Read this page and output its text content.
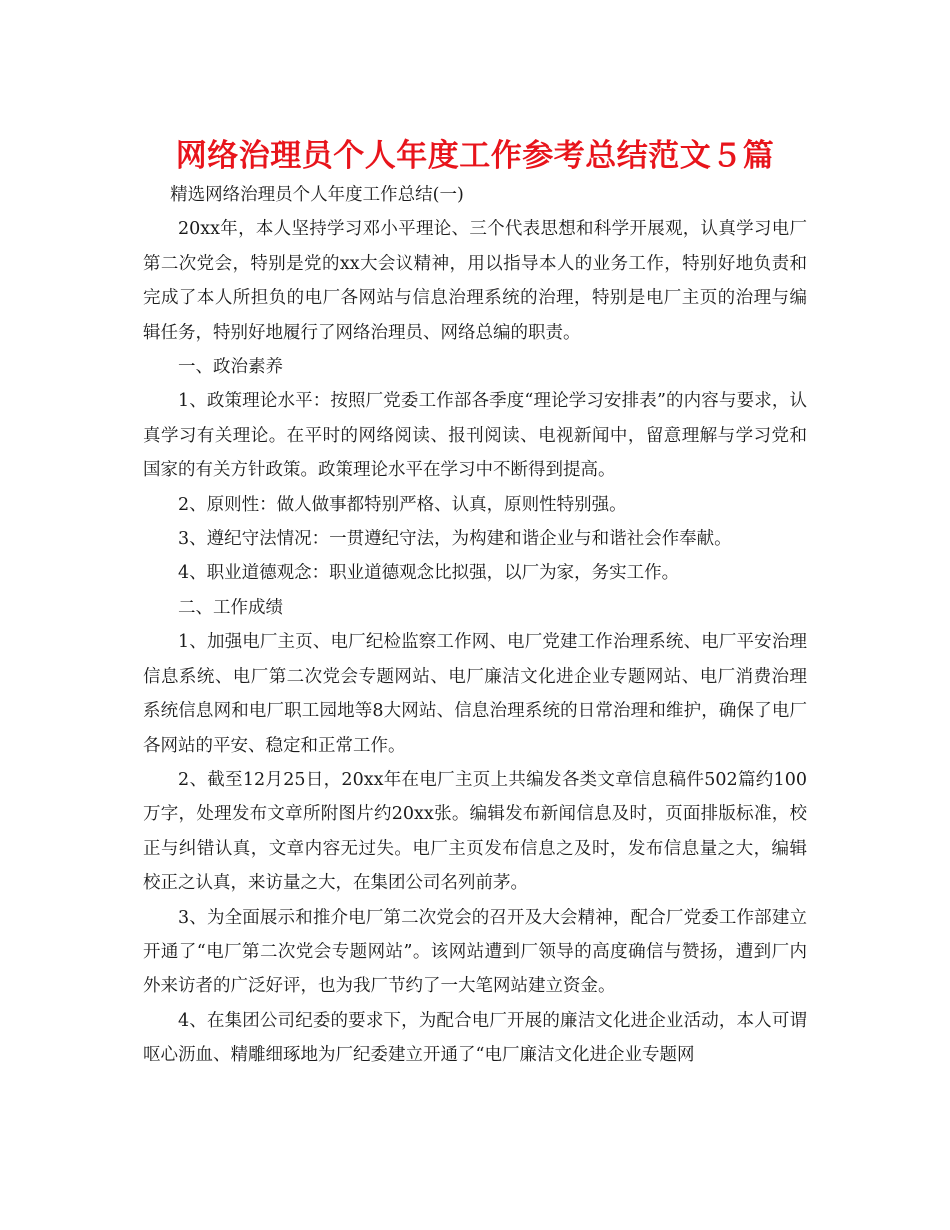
网络治理员个人年度工作参考总结范文５篇

精选网络治理员个人年度工作总结(一)

20xx年，本人坚持学习邓小平理论、三个代表思想和科学开展观，认真学习电厂第二次党会，特别是党的xx大会议精神，用以指导本人的业务工作，特别好地负责和完成了本人所担负的电厂各网站与信息治理系统的治理，特别是电厂主页的治理与编辑任务，特别好地履行了网络治理员、网络总编的职责。

一、政治素养

1、政策理论水平：按照厂党委工作部各季度“理论学习安排表”的内容与要求，认真学习有关理论。在平时的网络阅读、报刊阅读、电视新闻中，留意理解与学习党和国家的有关方针政策。政策理论水平在学习中不断得到提高。

2、原则性：做人做事都特别严格、认真，原则性特别强。

3、遵纪守法情况：一贯遵纪守法，为构建和谐企业与和谐社会作奉献。

4、职业道德观念：职业道德观念比拟强，以厂为家，务实工作。

二、工作成绩

1、加强电厂主页、电厂纪检监察工作网、电厂党建工作治理系统、电厂平安治理信息系统、电厂第二次党会专题网站、电厂廉洁文化进企业专题网站、电厂消费治理系统信息网和电厂职工园地等8大网站、信息治理系统的日常治理和维护，确保了电厂各网站的平安、稳定和正常工作。

2、截至12月25日，20xx年在电厂主页上共编发各类文章信息稿件502篇约100万字，处理发布文章所附图片约20xx张。编辑发布新闻信息及时，页面排版标准，校正与纠错认真，文章内容无过失。电厂主页发布信息之及时，发布信息量之大，编辑校正之认真，来访量之大，在集团公司名列前茅。

3、为全面展示和推介电厂第二次党会的召开及大会精神，配合厂党委工作部建立开通了“电厂第二次党会专题网站”。该网站遭到厂领导的高度确信与赞扬，遭到厂内外来访者的广泛好评，也为我厂节约了一大笔网站建立资金。

4、在集团公司纪委的要求下，为配合电厂开展的廉洁文化进企业活动，本人可谓呕心沥血、精雕细琢地为厂纪委建立开通了“电厂廉洁文化进企业专题网
